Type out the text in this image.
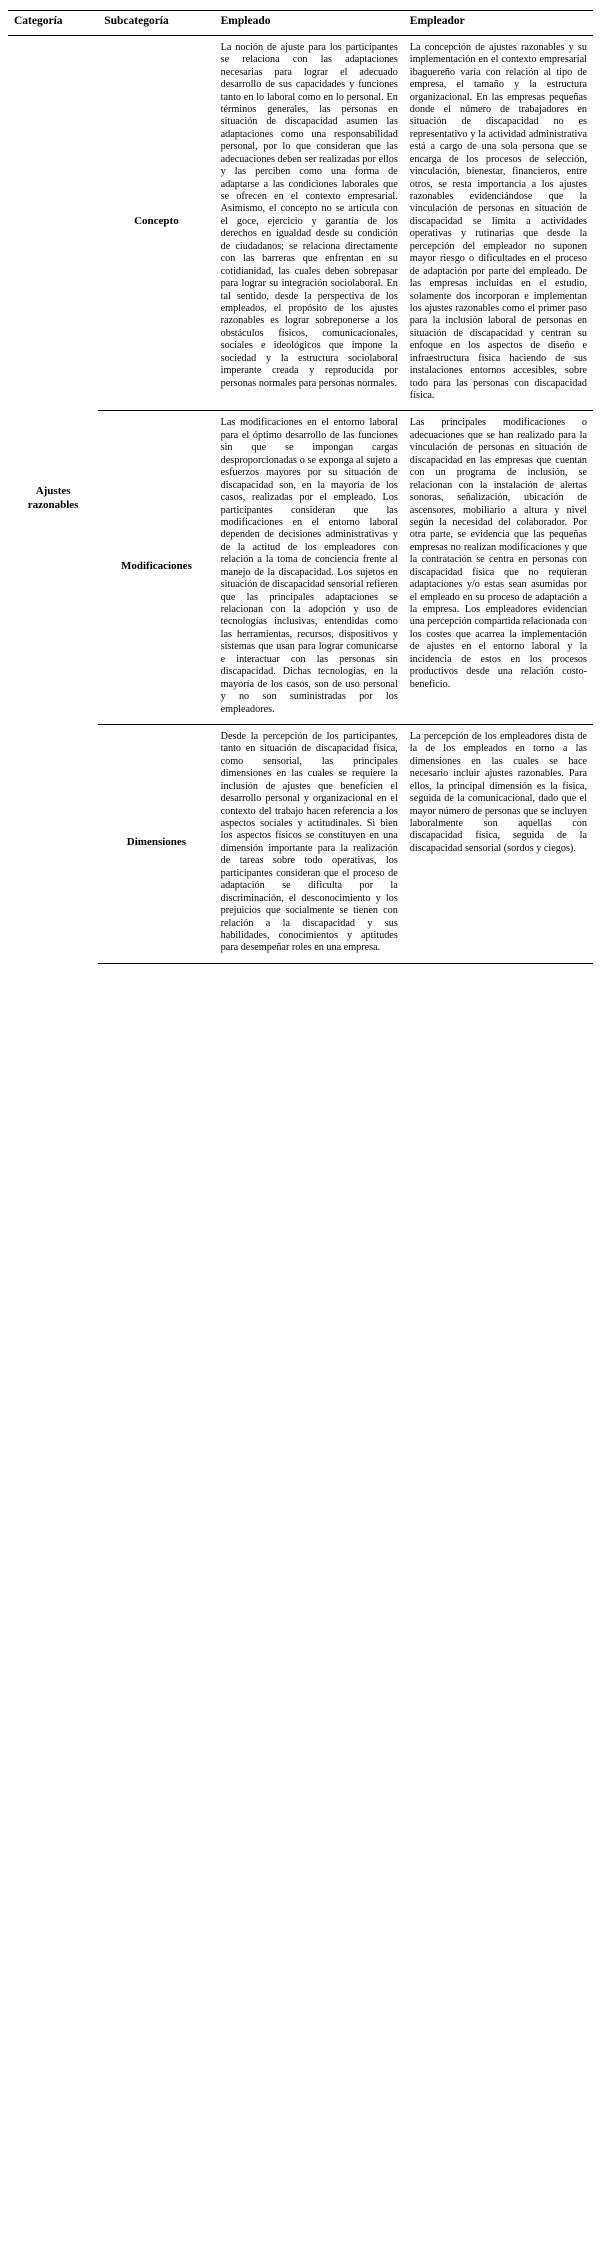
Categoría	Subcategoría	Empleado	Empleador
Ajustes razonables	Concepto	La noción de ajuste para los participantes se relaciona con las adaptaciones necesarias para lograr el adecuado desarrollo de sus capacidades y funciones tanto en lo laboral como en lo personal. En términos generales, las personas en situación de discapacidad asumen las adaptaciones como una responsabilidad personal, por lo que consideran que las adecuaciones deben ser realizadas por ellos y las perciben como una forma de adaptarse a las condiciones laborales que se ofrecen en el contexto empresarial. Asimismo, el concepto no se articula con el goce, ejercicio y garantía de los derechos en igualdad desde su condición de ciudadanos; se relaciona directamente con las barreras que enfrentan en su cotidianidad, las cuales deben sobrepasar para lograr su integración sociolaboral. En tal sentido, desde la perspectiva de los empleados, el propósito de los ajustes razonables es lograr sobreponerse a los obstáculos físicos, comunicacionales, sociales e ideológicos que impone la sociedad y la estructura sociolaboral imperante creada y reproducida por personas normales para personas normales.	La concepción de ajustes razonables y su implementación en el contexto empresarial ibaguereño varía con relación al tipo de empresa, el tamaño y la estructura organizacional. En las empresas pequeñas donde el número de trabajadores en situación de discapacidad no es representativo y la actividad administrativa está a cargo de una sola persona que se encarga de los procesos de selección, vinculación, bienestar, financieros, entre otros, se resta importancia a los ajustes razonables evidenciándose que la vinculación de personas en situación de discapacidad se limita a actividades operativas y rutinarias que desde la percepción del empleador no suponen mayor riesgo o dificultades en el proceso de adaptación por parte del empleado. De las empresas incluidas en el estudio, solamente dos incorporan e implementan los ajustes razonables como el primer paso para la inclusión laboral de personas en situación de discapacidad y centran su enfoque en los aspectos de diseño e infraestructura física haciendo de sus instalaciones entornos accesibles, sobre todo para las personas con discapacidad física.
Modificaciones	Las modificaciones en el entorno laboral para el óptimo desarrollo de las funciones sin que se impongan cargas desproporcionadas o se exponga al sujeto a esfuerzos mayores por su situación de discapacidad son, en la mayoría de los casos, realizadas por el empleado. Los participantes consideran que las modificaciones en el entorno laboral dependen de decisiones administrativas y de la actitud de los empleadores con relación a la toma de conciencia frente al manejo de la discapacidad. Los sujetos en situación de discapacidad sensorial refieren que las principales adaptaciones se relacionan con la adopción y uso de tecnologías inclusivas, entendidas como las herramientas, recursos, dispositivos y sistemas que usan para lograr comunicarse e interactuar con las personas sin discapacidad. Dichas tecnologías, en la mayoría de los casos, son de uso personal y no son suministradas por los empleadores.	Las principales modificaciones o adecuaciones que se han realizado para la vinculación de personas en situación de discapacidad en las empresas que cuentan con un programa de inclusión, se relacionan con la instalación de alertas sonoras, señalización, ubicación de ascensores, mobiliario a altura y nivel según la necesidad del colaborador. Por otra parte, se evidencia que las pequeñas empresas no realizan modificaciones y que la contratación se centra en personas con discapacidad física que no requieran adaptaciones y/o estas sean asumidas por el empleado en su proceso de adaptación a la empresa. Los empleadores evidencian una percepción compartida relacionada con los costes que acarrea la implementación de ajustes en el entorno laboral y la incidencia de estos en los procesos productivos desde una relación costo-beneficio.
Dimensiones	Desde la percepción de los participantes, tanto en situación de discapacidad física, como sensorial, las principales dimensiones en las cuales se requiere la inclusión de ajustes que beneficien el desarrollo personal y organizacional en el contexto del trabajo hacen referencia a los aspectos sociales y actitudinales. Si bien los aspectos físicos se constituyen en una dimensión importante para la realización de tareas sobre todo operativas, los participantes consideran que el proceso de adaptación se dificulta por la discriminación, el desconocimiento y los prejuicios que socialmente se tienen con relación a la discapacidad y sus habilidades, conocimientos y aptitudes para desempeñar roles en una empresa.	La percepción de los empleadores dista de la de los empleados en torno a las dimensiones en las cuales se hace necesario incluir ajustes razonables. Para ellos, la principal dimensión es la física, seguida de la comunicacional, dado que el mayor número de personas que se incluyen laboralmente son aquellas con discapacidad física, seguida de la discapacidad sensorial (sordos y ciegos).
